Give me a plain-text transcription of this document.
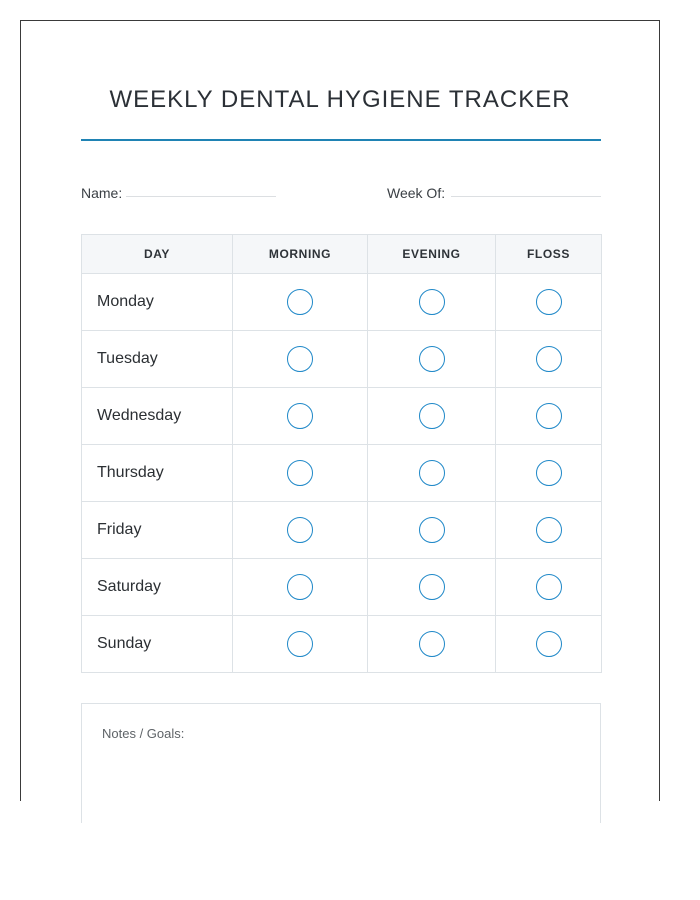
WEEKLY DENTAL HYGIENE TRACKER
Name:	Week Of:
DAY	MORNING	EVENING	FLOSS
Monday			
Tuesday			
Wednesday			
Thursday			
Friday			
Saturday			
Sunday			
Notes / Goals:
